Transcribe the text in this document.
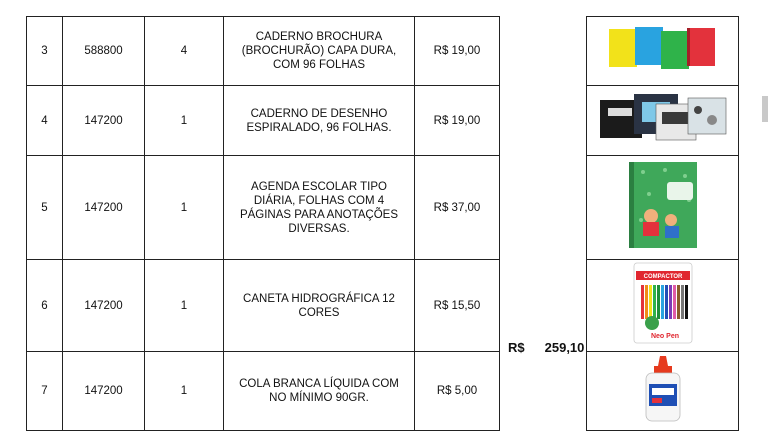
3	588800	4	CADERNO BROCHURA (BROCHURÃO) CAPA DURA, COM 96 FOLHAS	R$ 19,00
4	147200	1	CADERNO DE DESENHO ESPIRALADO, 96 FOLHAS.	R$ 19,00
5	147200	1	AGENDA ESCOLAR TIPO DIÁRIA, FOLHAS COM 4 PÁGINAS PARA ANOTAÇÕES DIVERSAS.	R$ 37,00
6	147200	1	CANETA HIDROGRÁFICA 12 CORES	R$ 15,50
7	147200	1	COLA BRANCA LÍQUIDA COM NO MÍNIMO 90GR.	R$ 5,00
R$ 259,10

COMPACTOR
Neo Pen
